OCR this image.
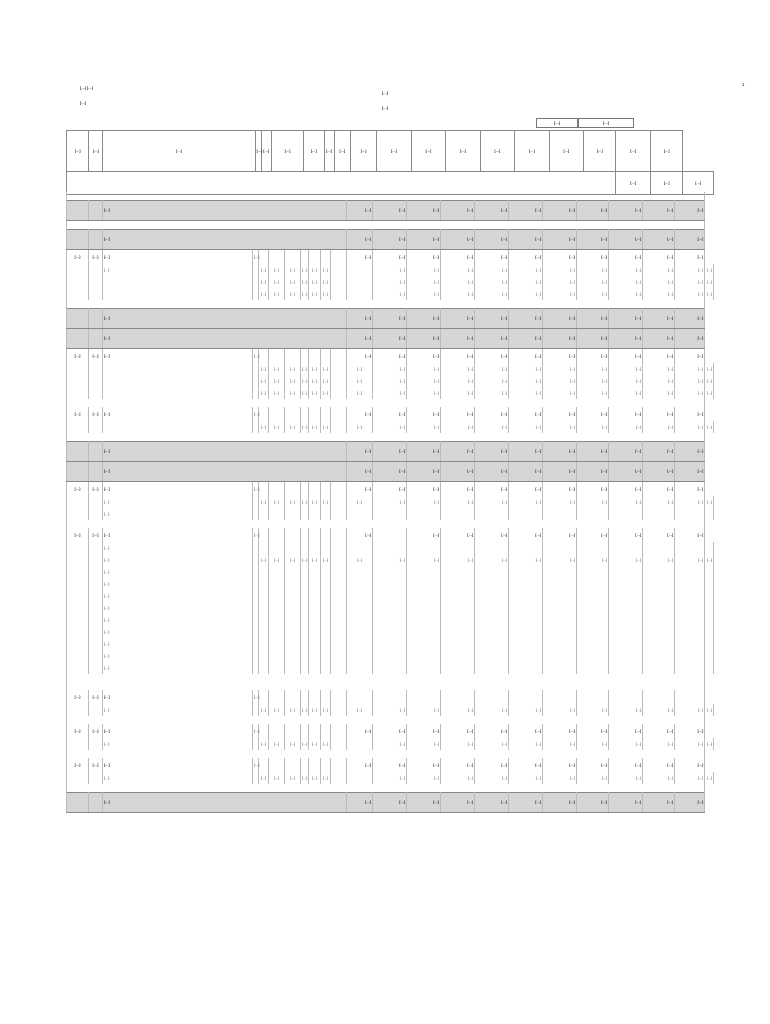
[…] […]

[…]

[…]

[…]

1
[…]	[…]
[…]	[…]	[…]	[…]	[…]	[…]	[…]	[…]	[…]	[…]	[…]	[…]	[…]	[…]	[…]	[…]	[…]	[…]	[…]	
																	[…]	[…]	[…]

		[…]									[…]	[…]	[…]	[…]	[…]	[…]	[…]	[…]	[…]	[…]	[…]	

		[…]									[…]	[…]	[…]	[…]	[…]	[…]	[…]	[…]	[…]	[…]	[…]	
[…]	[…]	[…]	[…]								[…]	[…]	[…]	[…]	[…]	[…]	[…]	[…]	[…]	[…]	[…]	
		[…]		[…]	[…]	[…]	[…]	[…]	[…]			[…]	[…]	[…]	[…]	[…]	[…]	[…]	[…]	[…]	[…]	[…]
				[…]	[…]	[…]	[…]	[…]	[…]			[…]	[…]	[…]	[…]	[…]	[…]	[…]	[…]	[…]	[…]	[…]
				[…]	[…]	[…]	[…]	[…]	[…]			[…]	[…]	[…]	[…]	[…]	[…]	[…]	[…]	[…]	[…]	[…]

		[…]									[…]	[…]	[…]	[…]	[…]	[…]	[…]	[…]	[…]	[…]	[…]	
		[…]									[…]	[…]	[…]	[…]	[…]	[…]	[…]	[…]	[…]	[…]	[…]	
[…]	[…]	[…]	[…]								[…]	[…]	[…]	[…]	[…]	[…]	[…]	[…]	[…]	[…]	[…]	
				[…]	[…]	[…]	[…]	[…]	[…]		[…]	[…]	[…]	[…]	[…]	[…]	[…]	[…]	[…]	[…]	[…]	[…]
				[…]	[…]	[…]	[…]	[…]	[…]		[…]	[…]	[…]	[…]	[…]	[…]	[…]	[…]	[…]	[…]	[…]	[…]
				[…]	[…]	[…]	[…]	[…]	[…]		[…]	[…]	[…]	[…]	[…]	[…]	[…]	[…]	[…]	[…]	[…]	[…]

[…]	[…]	[…]	[…]								[…]	[…]	[…]	[…]	[…]	[…]	[…]	[…]	[…]	[…]	[…]	
				[…]	[…]	[…]	[…]	[…]	[…]		[…]	[…]	[…]	[…]	[…]	[…]	[…]	[…]	[…]	[…]	[…]	[…]

		[…]									[…]	[…]	[…]	[…]	[…]	[…]	[…]	[…]	[…]	[…]	[…]	
		[…]									[…]	[…]	[…]	[…]	[…]	[…]	[…]	[…]	[…]	[…]	[…]	
[…]	[…]	[…]	[…]								[…]	[…]	[…]	[…]	[…]	[…]	[…]	[…]	[…]	[…]	[…]	
		[…]		[…]	[…]	[…]	[…]	[…]	[…]		[…]	[…]	[…]	[…]	[…]	[…]	[…]	[…]	[…]	[…]	[…]	[…]
		[…]																				

[…]	[…]	[…]	[…]								[…]		[…]	[…]	[…]	[…]	[…]	[…]	[…]	[…]	[…]	
		[…]																				
		[…]		[…]	[…]	[…]	[…]	[…]	[…]		[…]	[…]	[…]	[…]	[…]	[…]	[…]	[…]	[…]	[…]	[…]	[…]
		[…]																				
		[…]																				
		[…]																				
		[…]																				
		[…]																				
		[…]																				
		[…]																				
		[…]																				
		[…]																				

[…]	[…]	[…]	[…]																			
		[…]		[…]	[…]	[…]	[…]	[…]	[…]		[…]	[…]	[…]	[…]	[…]	[…]	[…]	[…]	[…]	[…]	[…]	[…]

[…]	[…]	[…]	[…]								[…]	[…]	[…]	[…]	[…]	[…]	[…]	[…]	[…]	[…]	[…]	
		[…]		[…]	[…]	[…]	[…]	[…]	[…]			[…]	[…]	[…]	[…]	[…]	[…]	[…]	[…]	[…]	[…]	[…]

[…]	[…]	[…]	[…]								[…]	[…]	[…]	[…]	[…]	[…]	[…]	[…]	[…]	[…]	[…]	
		[…]		[…]	[…]	[…]	[…]	[…]	[…]			[…]	[…]	[…]	[…]	[…]	[…]	[…]	[…]	[…]	[…]	[…]

		[…]									[…]	[…]	[…]	[…]	[…]	[…]	[…]	[…]	[…]	[…]	[…]	
